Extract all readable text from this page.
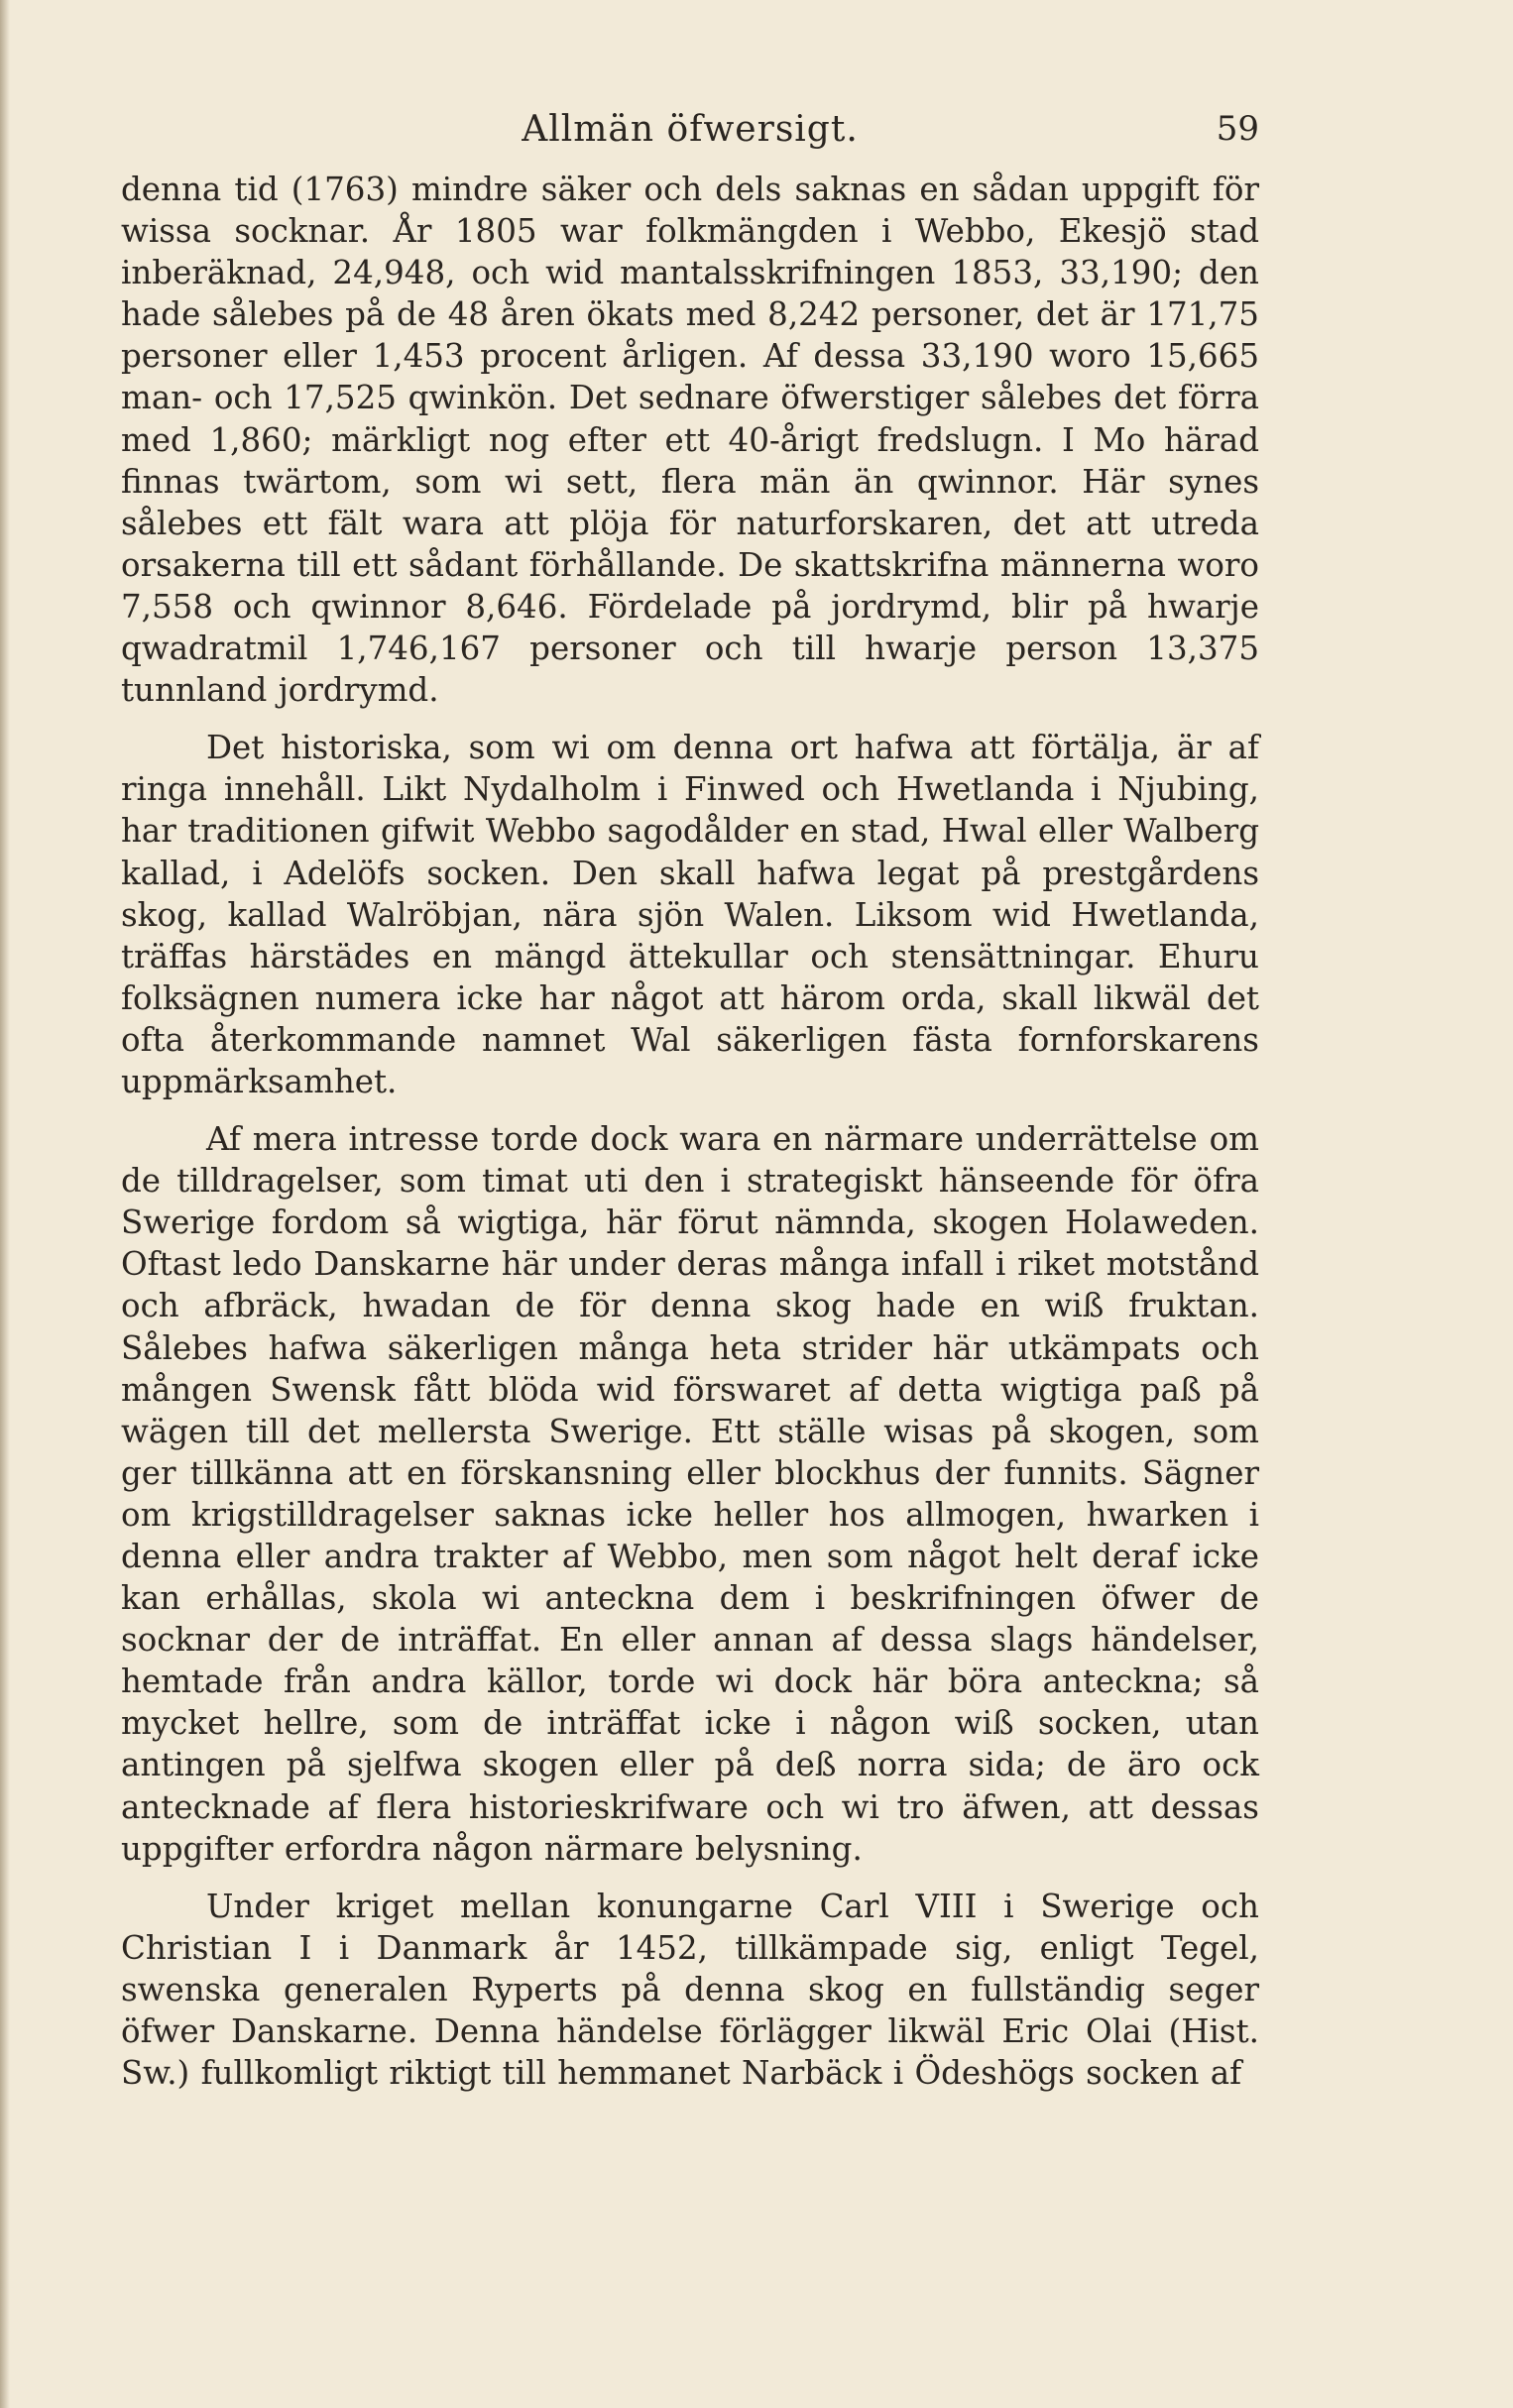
Allmän öfwersigt.	59

denna tid (1763) mindre säker och dels saknas en sådan uppgift för wissa socknar. År 1805 war folkmängden i Webbo, Ekesjö stad inberäknad, 24,948, och wid mantalsskrifningen 1853, 33,190; den hade sålebes på de 48 åren ökats med 8,242 personer, det är 171,75 personer eller 1,453 procent årligen. Af dessa 33,190 woro 15,665 man- och 17,525 qwinkön. Det sednare öfwerstiger sålebes det förra med 1,860; märkligt nog efter ett 40-årigt fredslugn. I Mo härad finnas twärtom, som wi sett, flera män än qwinnor. Här synes sålebes ett fält wara att plöja för naturforskaren, det att utreda orsakerna till ett sådant förhållande. De skattskrifna männerna woro 7,558 och qwinnor 8,646. Fördelade på jordrymd, blir på hwarje qwadratmil 1,746,167 personer och till hwarje person 13,375 tunnland jordrymd.

Det historiska, som wi om denna ort hafwa att förtälja, är af ringa innehåll. Likt Nydalholm i Finwed och Hwetlanda i Njubing, har traditionen gifwit Webbo sagodålder en stad, Hwal eller Walberg kallad, i Adelöfs socken. Den skall hafwa legat på prestgårdens skog, kallad Walröbjan, nära sjön Walen. Liksom wid Hwetlanda, träffas härstädes en mängd ättekullar och stensättningar. Ehuru folksägnen numera icke har något att härom orda, skall likwäl det ofta återkommande namnet Wal säkerligen fästa fornforskarens uppmärksamhet.

Af mera intresse torde dock wara en närmare underrättelse om de tilldragelser, som timat uti den i strategiskt hänseende för öfra Swerige fordom så wigtiga, här förut nämnda, skogen Holaweden. Oftast ledo Danskarne här under deras många infall i riket motstånd och afbräck, hwadan de för denna skog hade en wiß fruktan. Sålebes hafwa säkerligen många heta strider här utkämpats och mången Swensk fått blöda wid förswaret af detta wigtiga paß på wägen till det mellersta Swerige. Ett ställe wisas på skogen, som ger tillkänna att en förskansning eller blockhus der funnits. Sägner om krigstilldragelser saknas icke heller hos allmogen, hwarken i denna eller andra trakter af Webbo, men som något helt deraf icke kan erhållas, skola wi anteckna dem i beskrifningen öfwer de socknar der de inträffat. En eller annan af dessa slags händelser, hemtade från andra källor, torde wi dock här böra anteckna; så mycket hellre, som de inträffat icke i någon wiß socken, utan antingen på sjelfwa skogen eller på deß norra sida; de äro ock antecknade af flera historieskrifware och wi tro äfwen, att dessas uppgifter erfordra någon närmare belysning.

Under kriget mellan konungarne Carl VIII i Swerige och Christian I i Danmark år 1452, tillkämpade sig, enligt Tegel, swenska generalen Ryperts på denna skog en fullständig seger öfwer Danskarne. Denna händelse förlägger likwäl Eric Olai (Hist. Sw.) fullkomligt riktigt till hemmanet Narbäck i Ödeshögs socken af
